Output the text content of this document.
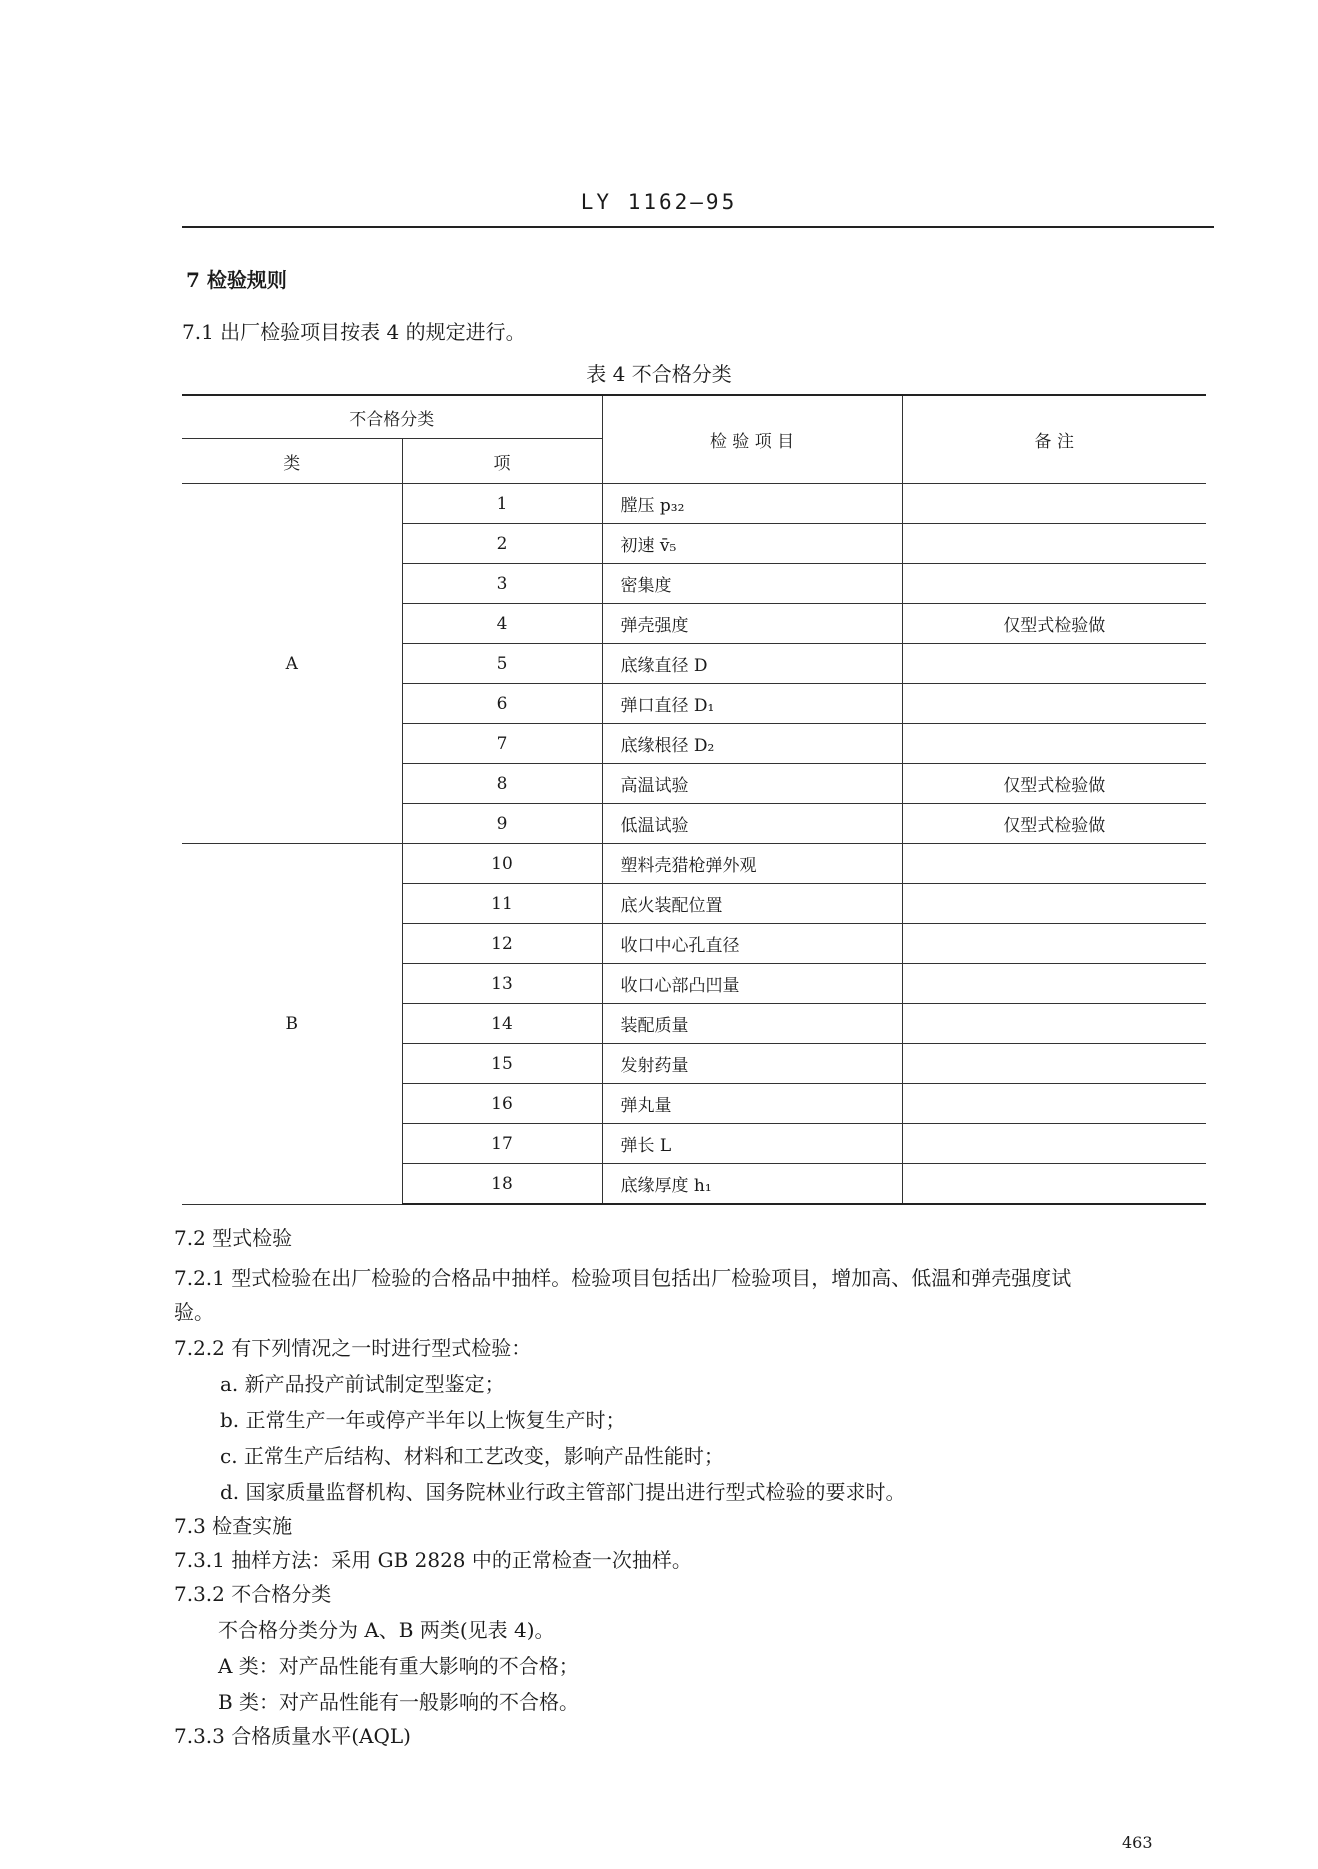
LY 1162—95
7 检验规则
7.1 出厂检验项目按表 4 的规定进行。
表 4 不合格分类
不合格分类		检 验 项 目	备 注
类	项		
A	1	膛压 p₃₂	
	2	初速 v̄₅	
	3	密集度	
	4	弹壳强度	仅型式检验做
	5	底缘直径 D	
	6	弹口直径 D₁	
	7	底缘根径 D₂	
	8	高温试验	仅型式检验做
	9	低温试验	仅型式检验做
B	10	塑料壳猎枪弹外观	
	11	底火装配位置	
	12	收口中心孔直径	
	13	收口心部凸凹量	
	14	装配质量	
	15	发射药量	
	16	弹丸量	
	17	弹长 L	
	18	底缘厚度 h₁	
7.2 型式检验
7.2.1 型式检验在出厂检验的合格品中抽样。检验项目包括出厂检验项目，增加高、低温和弹壳强度试
验。
7.2.2 有下列情况之一时进行型式检验：
a. 新产品投产前试制定型鉴定；
b. 正常生产一年或停产半年以上恢复生产时；
c. 正常生产后结构、材料和工艺改变，影响产品性能时；
d. 国家质量监督机构、国务院林业行政主管部门提出进行型式检验的要求时。
7.3 检查实施
7.3.1 抽样方法：采用 GB 2828 中的正常检查一次抽样。
7.3.2 不合格分类
不合格分类分为 A、B 两类(见表 4)。
A 类：对产品性能有重大影响的不合格；
B 类：对产品性能有一般影响的不合格。
7.3.3 合格质量水平(AQL)
463
